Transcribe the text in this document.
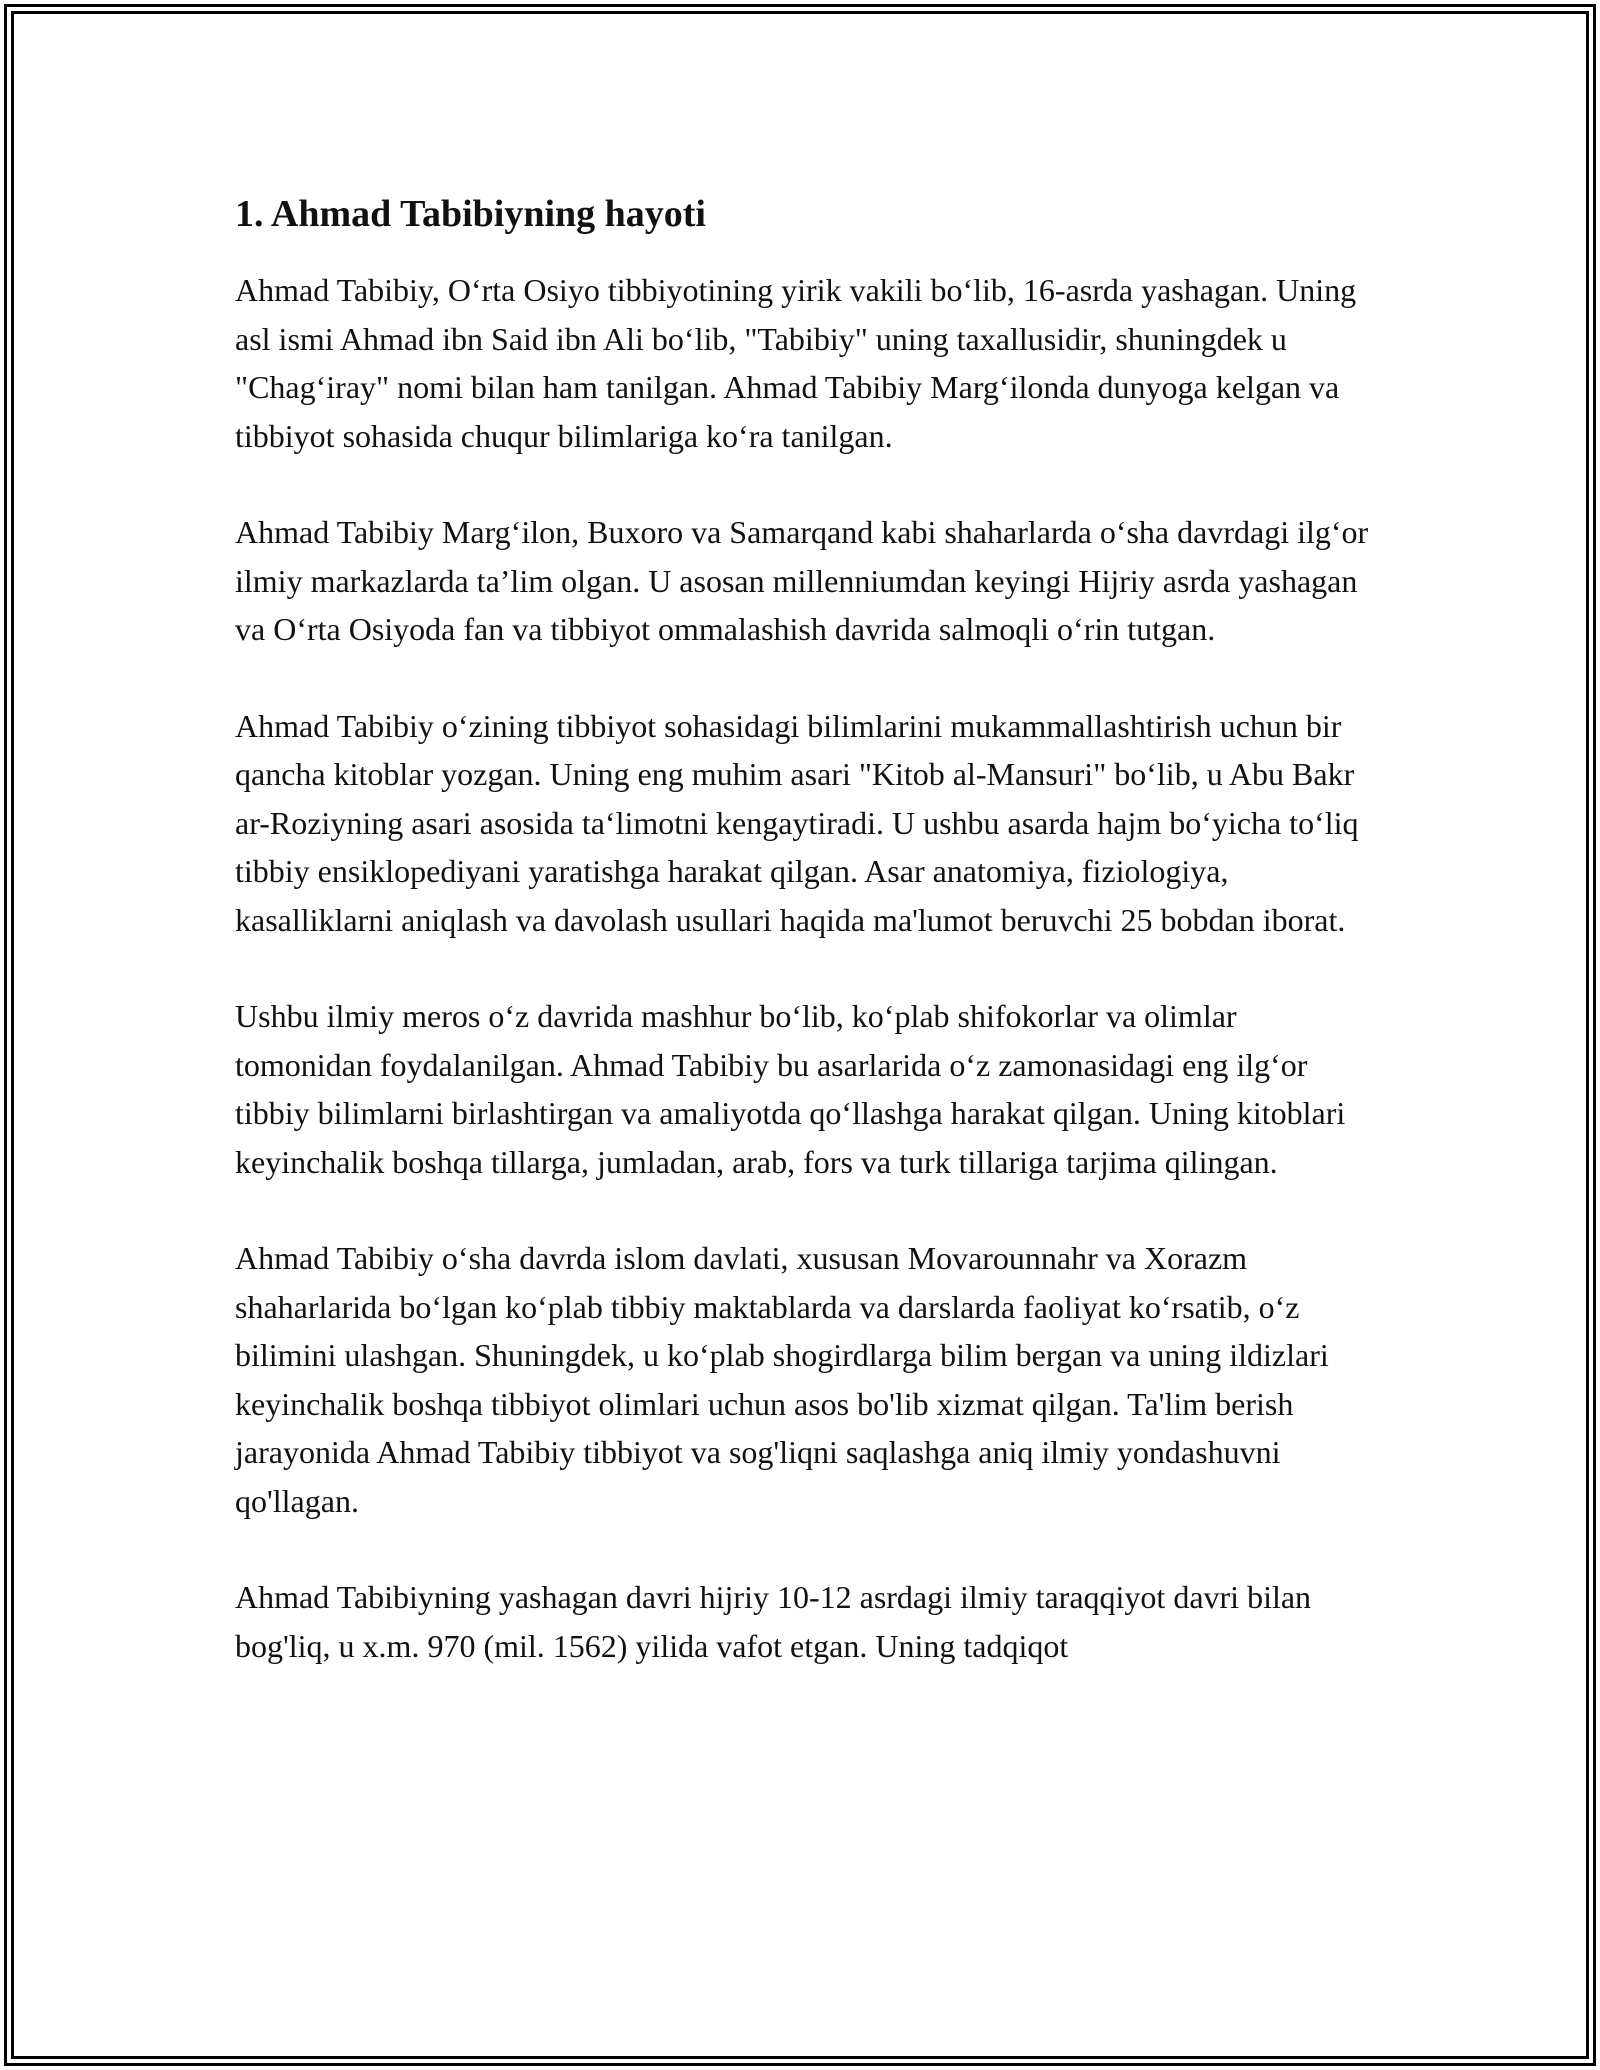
1. Ahmad Tabibiyning hayoti

Ahmad Tabibiy, O‘rta Osiyo tibbiyotining yirik vakili bo‘lib, 16-asrda yashagan. Uning asl ismi Ahmad ibn Said ibn Ali bo‘lib, "Tabibiy" uning taxallusidir, shuningdek u "Chag‘iray" nomi bilan ham tanilgan. Ahmad Tabibiy Marg‘ilonda dunyoga kelgan va tibbiyot sohasida chuqur bilimlariga ko‘ra tanilgan.

Ahmad Tabibiy Marg‘ilon, Buxoro va Samarqand kabi shaharlarda o‘sha davrdagi ilg‘or ilmiy markazlarda ta’lim olgan. U asosan millenniumdan keyingi Hijriy asrda yashagan va O‘rta Osiyoda fan va tibbiyot ommalashish davrida salmoqli o‘rin tutgan.

Ahmad Tabibiy o‘zining tibbiyot sohasidagi bilimlarini mukammallashtirish uchun bir qancha kitoblar yozgan. Uning eng muhim asari "Kitob al-Mansuri" bo‘lib, u Abu Bakr ar-Roziyning asari asosida ta‘limotni kengaytiradi. U ushbu asarda hajm bo‘yicha to‘liq tibbiy ensiklopediyani yaratishga harakat qilgan. Asar anatomiya, fiziologiya, kasalliklarni aniqlash va davolash usullari haqida ma'lumot beruvchi 25 bobdan iborat.

Ushbu ilmiy meros o‘z davrida mashhur bo‘lib, ko‘plab shifokorlar va olimlar tomonidan foydalanilgan. Ahmad Tabibiy bu asarlarida o‘z zamonasidagi eng ilg‘or tibbiy bilimlarni birlashtirgan va amaliyotda qo‘llashga harakat qilgan. Uning kitoblari keyinchalik boshqa tillarga, jumladan, arab, fors va turk tillariga tarjima qilingan.

Ahmad Tabibiy o‘sha davrda islom davlati, xususan Movarounnahr va Xorazm shaharlarida bo‘lgan ko‘plab tibbiy maktablarda va darslarda faoliyat ko‘rsatib, o‘z bilimini ulashgan. Shuningdek, u ko‘plab shogirdlarga bilim bergan va uning ildizlari keyinchalik boshqa tibbiyot olimlari uchun asos bo'lib xizmat qilgan. Ta'lim berish jarayonida Ahmad Tabibiy tibbiyot va sog'liqni saqlashga aniq ilmiy yondashuvni qo'llagan.

Ahmad Tabibiyning yashagan davri hijriy 10-12 asrdagi ilmiy taraqqiyot davri bilan bog'liq, u x.m. 970 (mil. 1562) yilida vafot etgan. Uning tadqiqot
